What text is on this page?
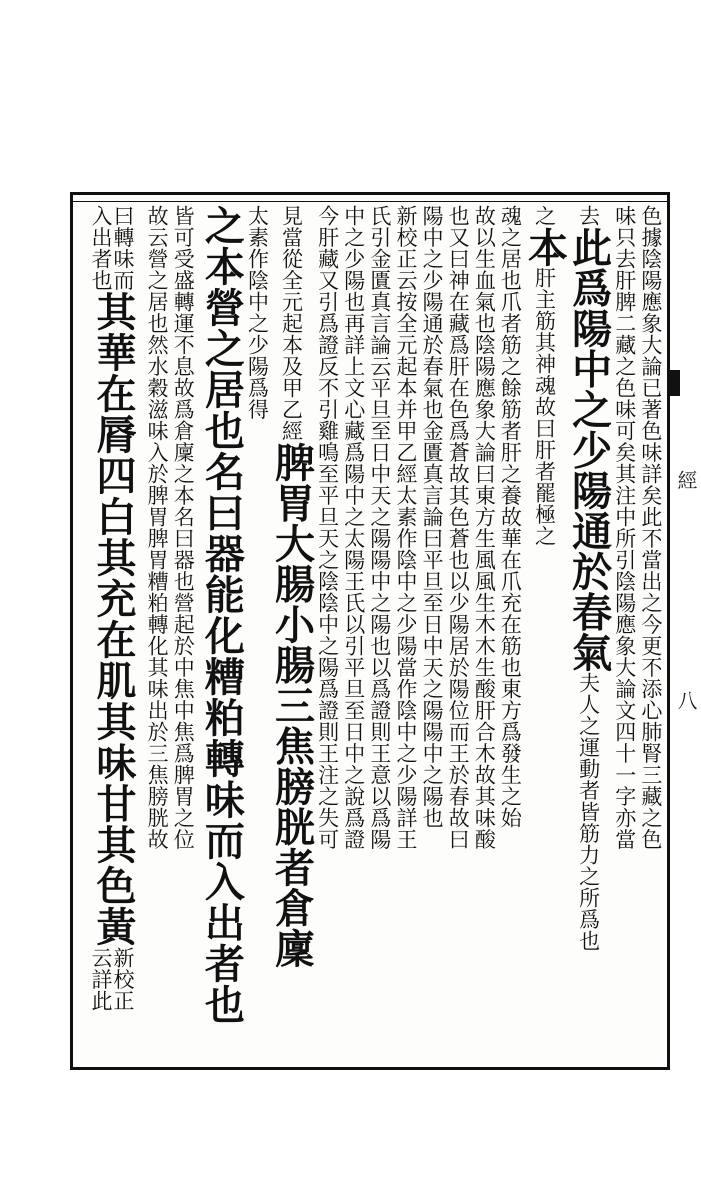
色據陰陽應象大論已著色味詳矣此不當出之今更不添心肺腎三藏之色
味只去肝脾二藏之色味可矣其注中所引陰陽應象大論文四十一字亦當
去此爲陽中之少陽通於春氣夫人之運動者皆筋力之所爲也
之本肝主筋其神魂故曰肝者罷極之
魂之居也爪者筋之餘筋者肝之養故華在爪充在筋也東方爲發生之始
故以生血氣也陰陽應象大論曰東方生風風生木木生酸肝合木故其味酸
也又曰神在藏爲肝在色爲蒼故其色蒼也以少陽居於陽位而王於春故曰
陽中之少陽通於春氣也金匱真言論曰平旦至日中天之陽陽中之陽也
新校正云按全元起本并甲乙經太素作陰中之少陽當作陰中之少陽詳王
氏引金匱真言論云平旦至日中天之陽陽中之陽也以爲證則王意以爲陽
中之少陽也再詳上文心藏爲陽中之太陽王氏以引平旦至日中之說爲證
今肝藏又引爲證反不引雞鳴至平旦天之陰陰中之陽爲證則王注之失可
見當從全元起本及甲乙經脾胃大腸小腸三焦膀胱者倉廩
太素作陰中之少陽爲得
之本營之居也名曰器能化糟粕轉味而入出者也
皆可受盛轉運不息故爲倉廩之本名曰器也營起於中焦中焦爲脾胃之位
故云營之居也然水穀滋味入於脾胃脾胃糟粕轉化其味出於三焦膀胱故
曰轉味而
入出者也
其華在脣四白其充在肌其味甘其色黃
新校正
云詳此
經
八
